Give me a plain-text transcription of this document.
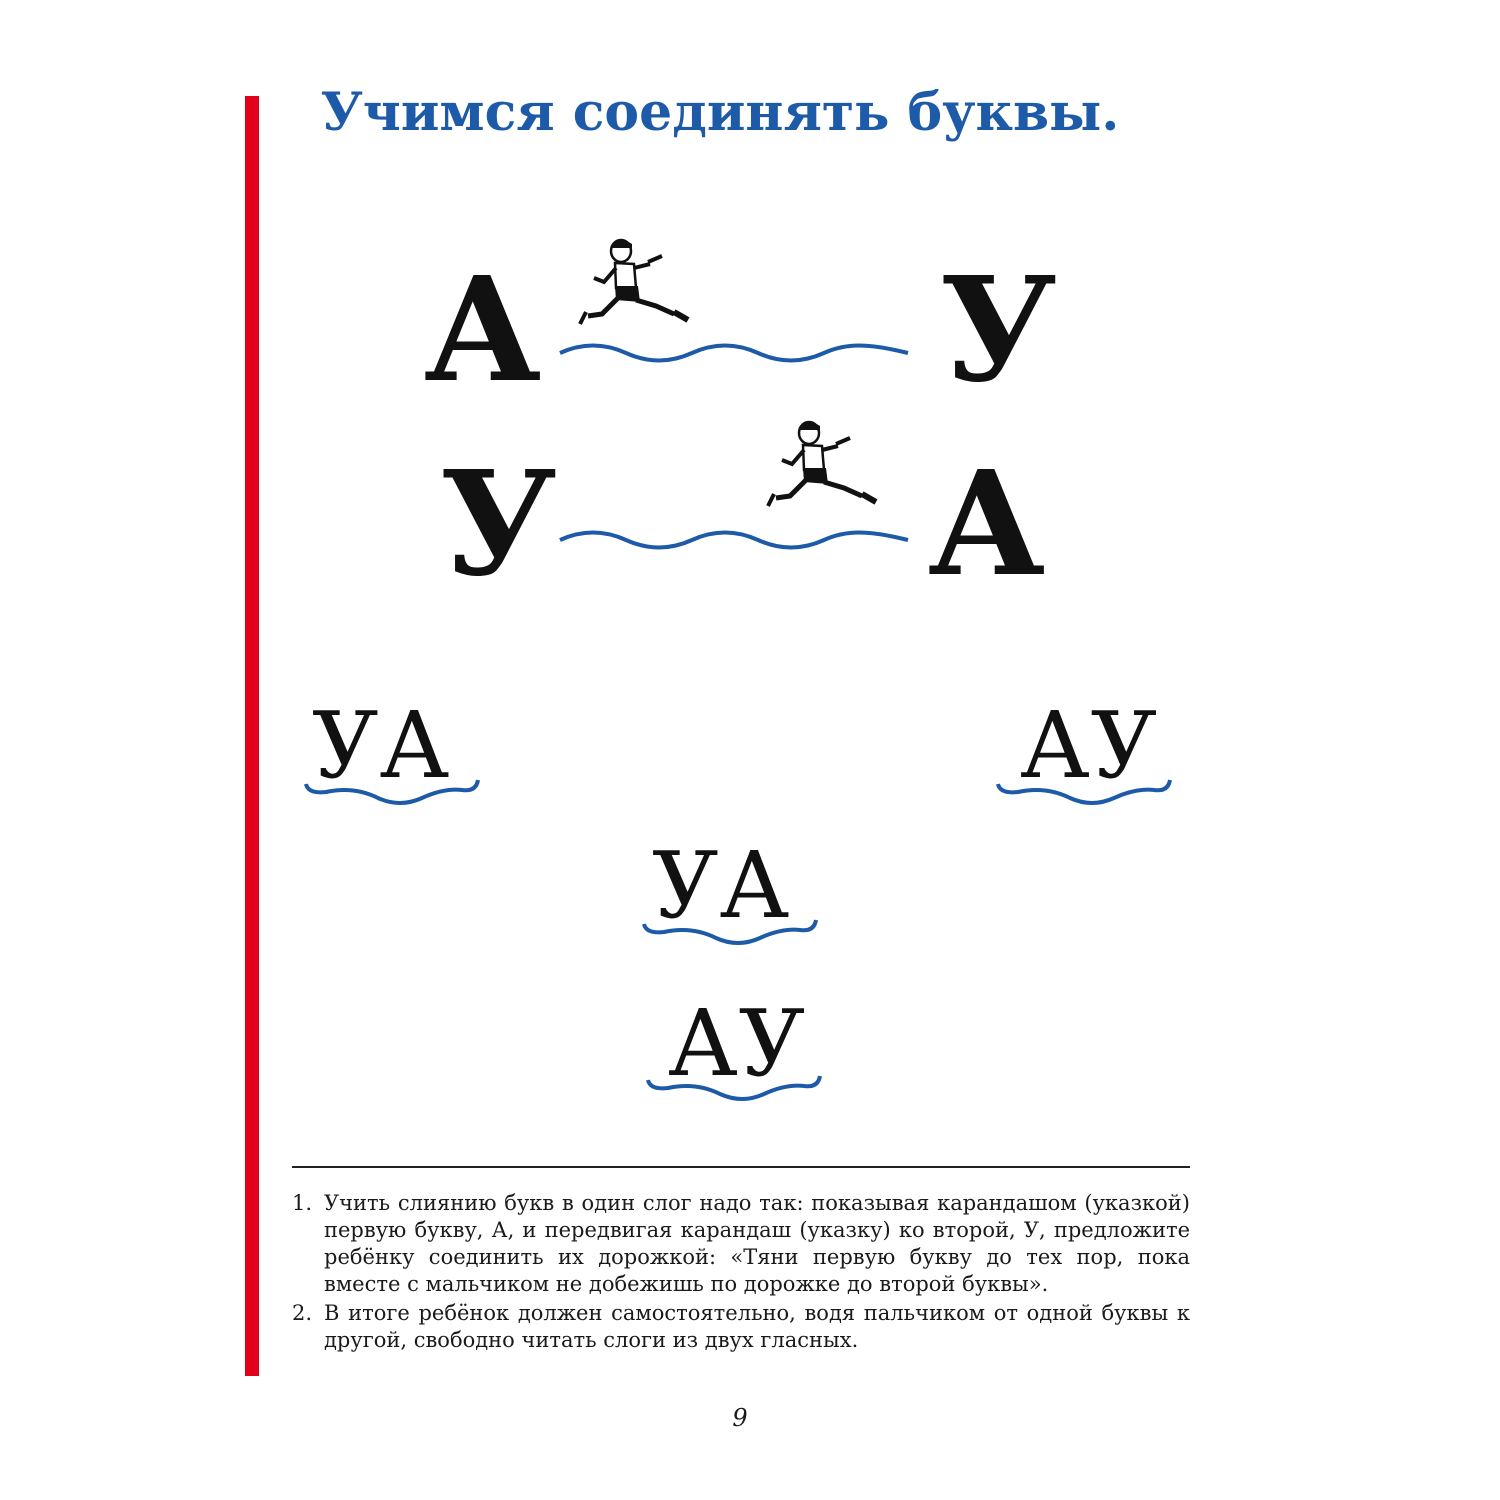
Учимся соединять буквы.
А	У
У	А
УА	АУ
УА
АУ
1. Учить слиянию букв в один слог надо так: показывая карандашом (указкой) первую букву, А, и передвигая карандаш (указку) ко второй, У, предложите ребёнку соединить их дорожкой: «Тяни первую букву до тех пор, пока вместе с мальчиком не добежишь по дорожке до второй буквы».
2. В итоге ребёнок должен самостоятельно, водя пальчиком от одной буквы к другой, свободно читать слоги из двух гласных.
9
